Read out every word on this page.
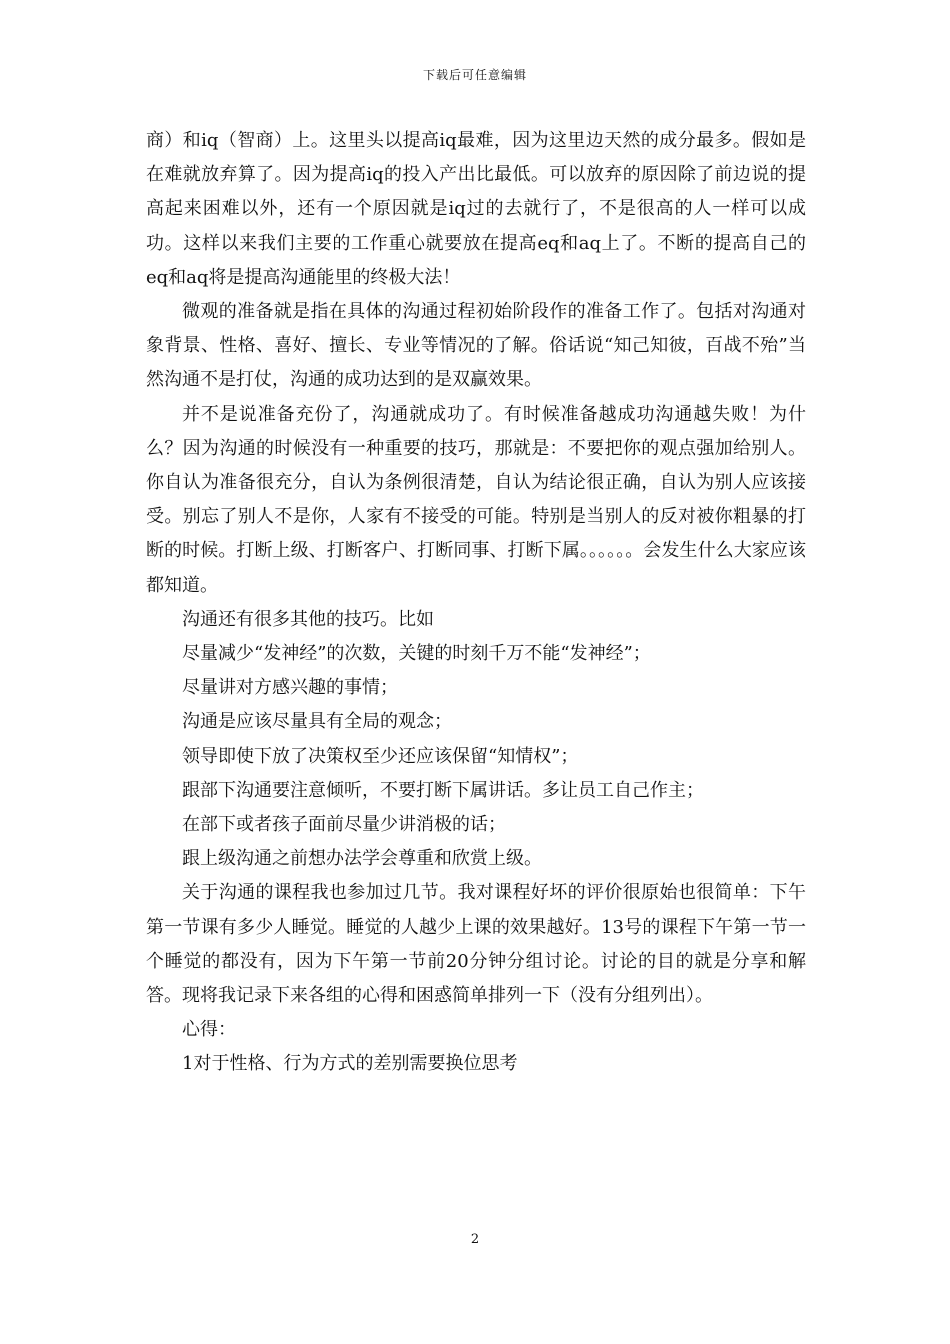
下载后可任意编辑

商）和iq（智商）上。这里头以提高iq最难，因为这里边天然的成分最多。假如是在难就放弃算了。因为提高iq的投入产出比最低。可以放弃的原因除了前边说的提高起来困难以外，还有一个原因就是iq过的去就行了，不是很高的人一样可以成功。这样以来我们主要的工作重心就要放在提高eq和aq上了。不断的提高自己的eq和aq将是提高沟通能里的终极大法！

微观的准备就是指在具体的沟通过程初始阶段作的准备工作了。包括对沟通对象背景、性格、喜好、擅长、专业等情况的了解。俗话说“知己知彼，百战不殆”当然沟通不是打仗，沟通的成功达到的是双赢效果。

并不是说准备充份了，沟通就成功了。有时候准备越成功沟通越失败！为什么？因为沟通的时候没有一种重要的技巧，那就是：不要把你的观点强加给别人。你自认为准备很充分，自认为条例很清楚，自认为结论很正确，自认为别人应该接受。别忘了别人不是你，人家有不接受的可能。特别是当别人的反对被你粗暴的打断的时候。打断上级、打断客户、打断同事、打断下属。。。。。。会发生什么大家应该都知道。

沟通还有很多其他的技巧。比如

尽量减少“发神经”的次数，关键的时刻千万不能“发神经”；

尽量讲对方感兴趣的事情；

沟通是应该尽量具有全局的观念；

领导即使下放了决策权至少还应该保留“知情权”；

跟部下沟通要注意倾听，不要打断下属讲话。多让员工自己作主；

在部下或者孩子面前尽量少讲消极的话；

跟上级沟通之前想办法学会尊重和欣赏上级。

关于沟通的课程我也参加过几节。我对课程好坏的评价很原始也很简单：下午第一节课有多少人睡觉。睡觉的人越少上课的效果越好。13号的课程下午第一节一个睡觉的都没有，因为下午第一节前20分钟分组讨论。讨论的目的就是分享和解答。现将我记录下来各组的心得和困惑简单排列一下（没有分组列出）。

心得：

1对于性格、行为方式的差别需要换位思考

2
